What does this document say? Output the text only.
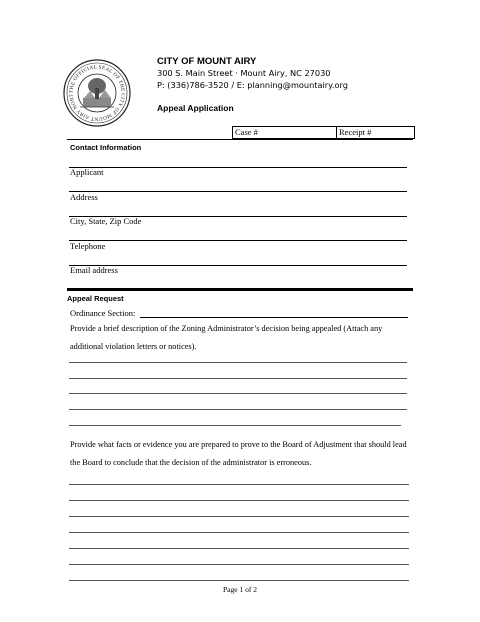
THE OFFICIAL SEAL OF THE CITY OF MOUNT AIRY NORT
CITY OF MOUNT AIRY
300 S. Main Street · Mount Airy, NC 27030
P: (336)786-3520 / E: planning@mountairy.org
Appeal Application
Case #	Receipt #
Contact Information
Applicant
Address
City, State, Zip Code
Telephone
Email address
Appeal Request
Ordinance Section:
Provide a brief description of the Zoning Administrator’s decision being appealed (Attach any additional violation letters or notices).
Provide what facts or evidence you are prepared to prove to the Board of Adjustment that should lead the Board to conclude that the decision of the administrator is erroneous.
Page 1 of 2
